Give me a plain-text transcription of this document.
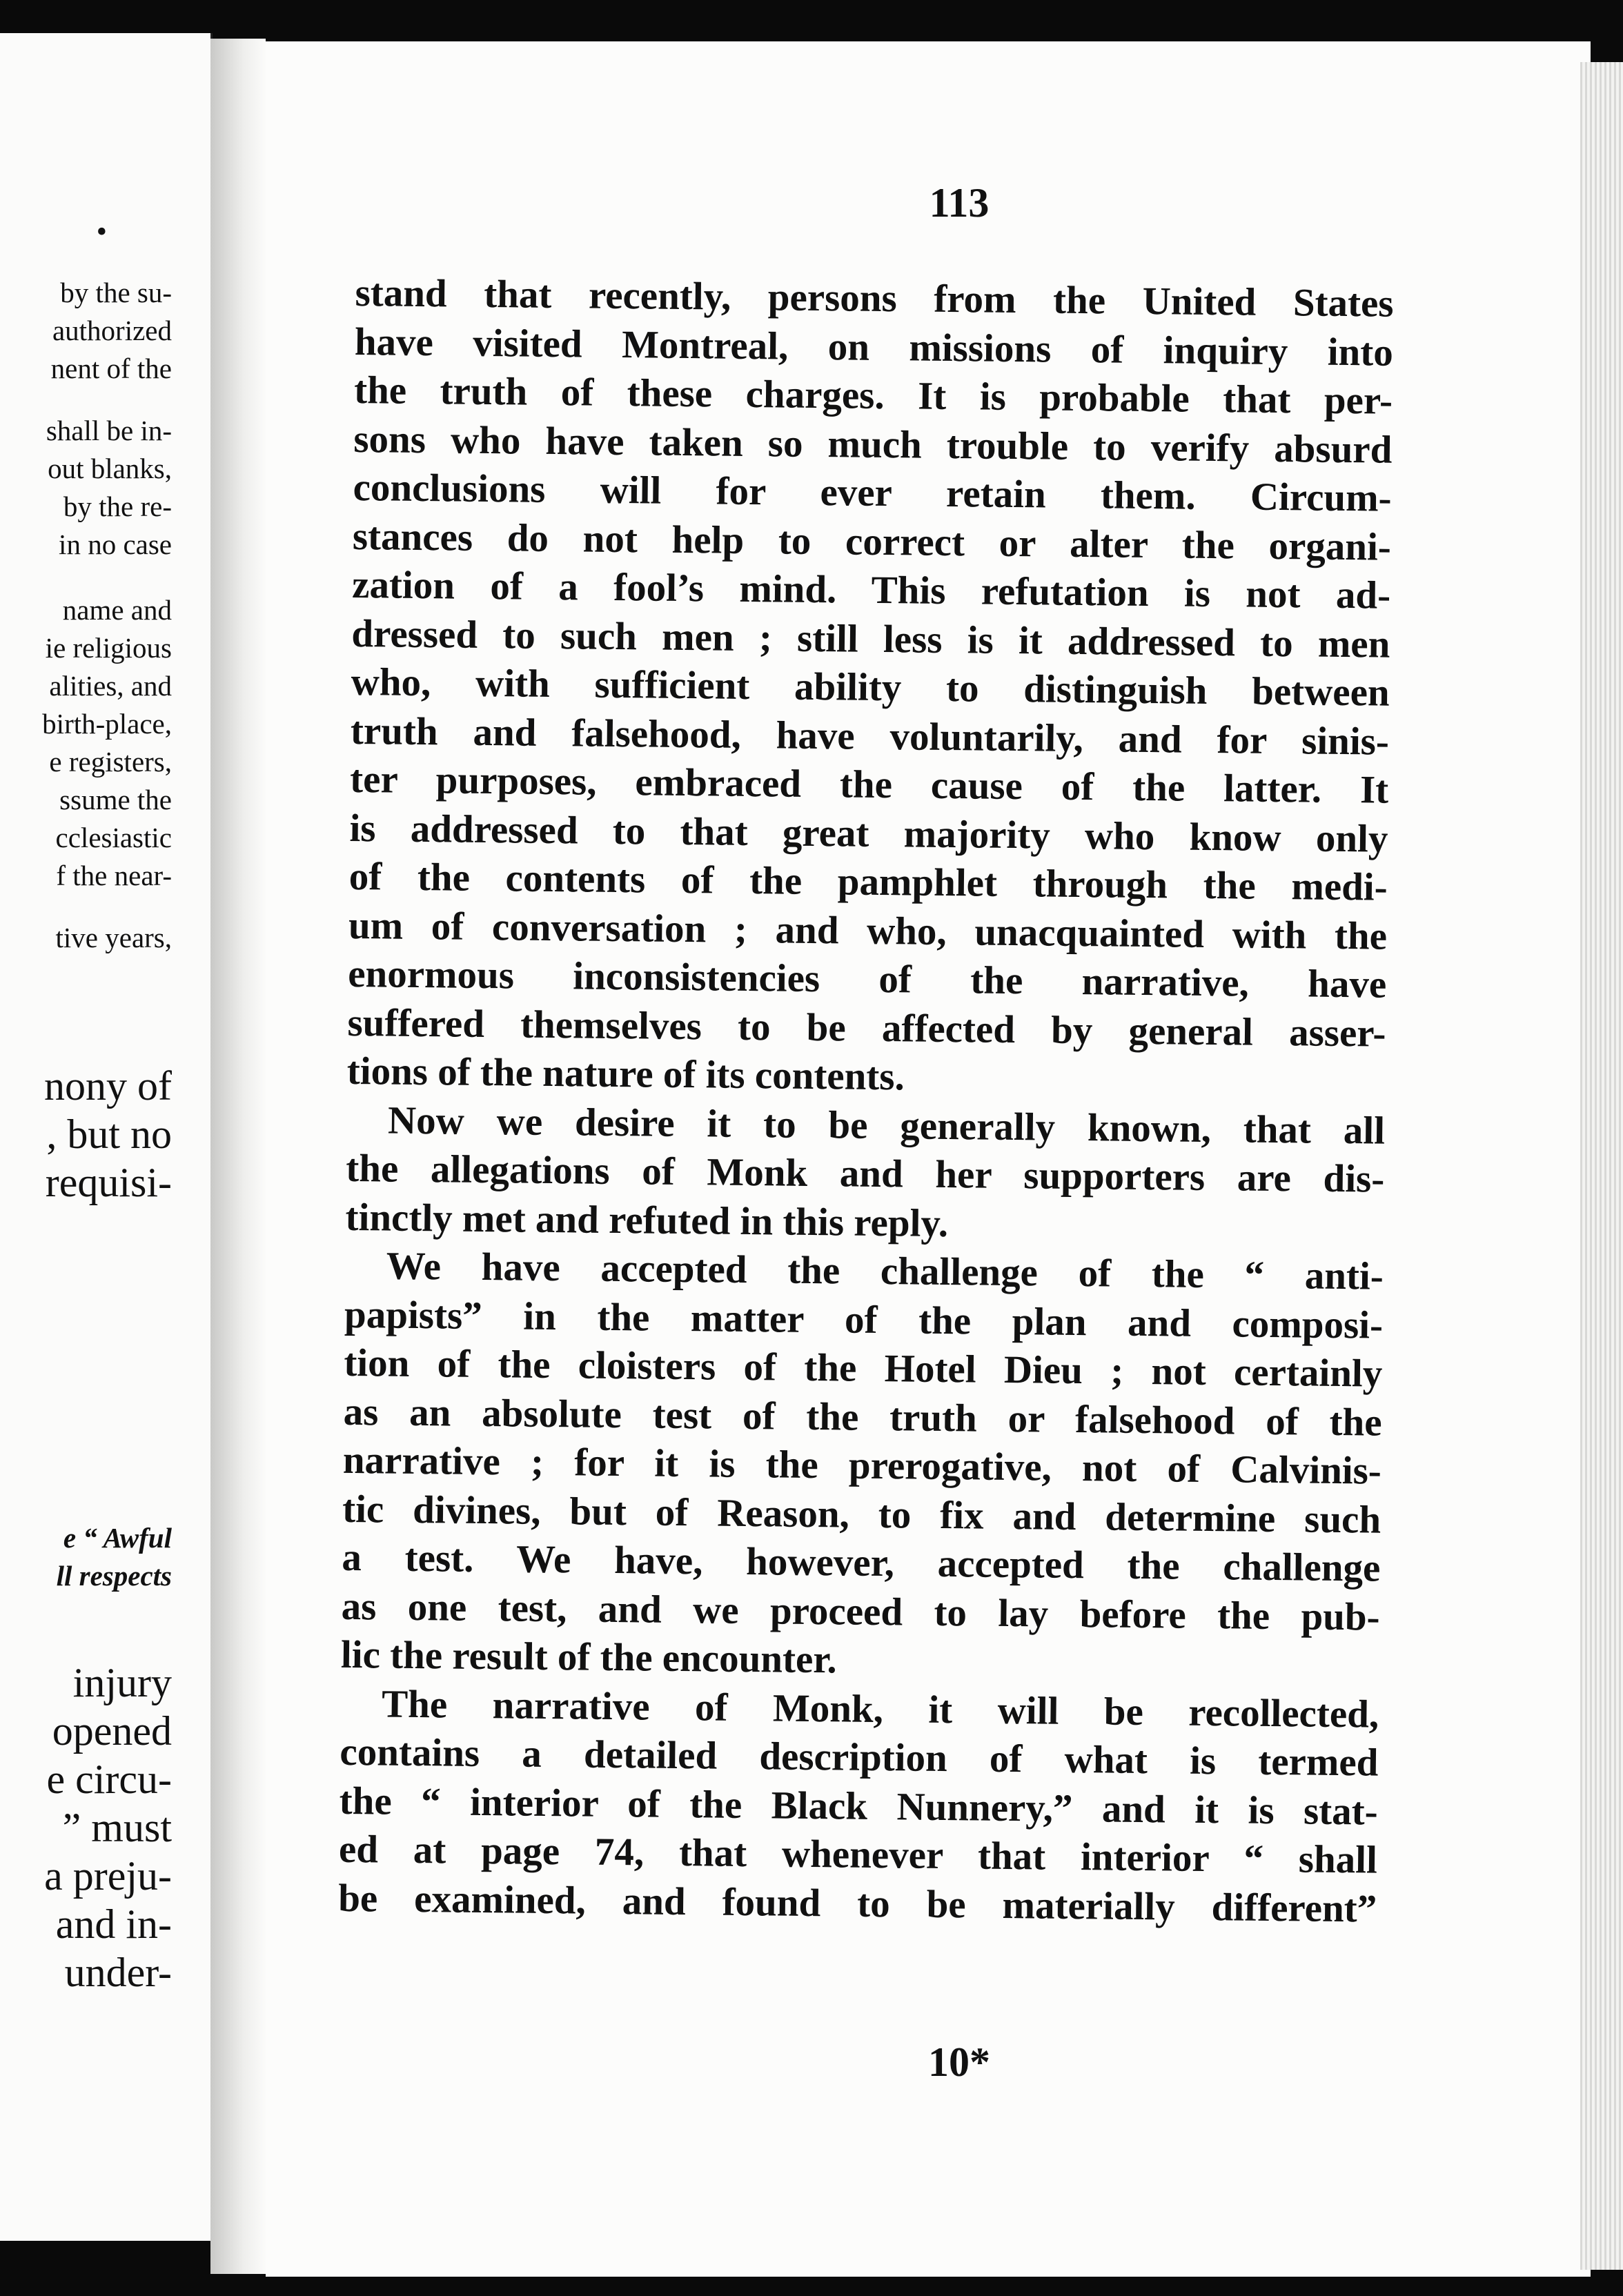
•
by the su-
authorized
nent of the
shall be in-
out blanks,
by the re-
in no case
name and
ie religious
alities, and
birth-place,
e registers,
ssume the
cclesiastic
f the near-
tive years,
nony of
, but no
requisi-
e “ Awful
ll respects
injury
opened
e circu-
” must
a preju-
and in-
under-
113
stand that recently, persons from the United States
have visited Montreal, on missions of inquiry into
the truth of these charges. It is probable that per-
sons who have taken so much trouble to verify absurd
conclusions will for ever retain them. Circum-
stances do not help to correct or alter the organi-
zation of a fool’s mind. This refutation is not ad-
dressed to such men ; still less is it addressed to men
who, with sufficient ability to distinguish between
truth and falsehood, have voluntarily, and for sinis-
ter purposes, embraced the cause of the latter. It
is addressed to that great majority who know only
of the contents of the pamphlet through the medi-
um of conversation ; and who, unacquainted with the
enormous inconsistencies of the narrative, have
suffered themselves to be affected by general asser-
tions of the nature of its contents.
Now we desire it to be generally known, that all
the allegations of Monk and her supporters are dis-
tinctly met and refuted in this reply.
We have accepted the challenge of the “ anti-
papists” in the matter of the plan and composi-
tion of the cloisters of the Hotel Dieu ; not certainly
as an absolute test of the truth or falsehood of the
narrative ; for it is the prerogative, not of Calvinis-
tic divines, but of Reason, to fix and determine such
a test. We have, however, accepted the challenge
as one test, and we proceed to lay before the pub-
lic the result of the encounter.
The narrative of Monk, it will be recollected,
contains a detailed description of what is termed
the “ interior of the Black Nunnery,” and it is stat-
ed at page 74, that whenever that interior “ shall
be examined, and found to be materially different”
10*
